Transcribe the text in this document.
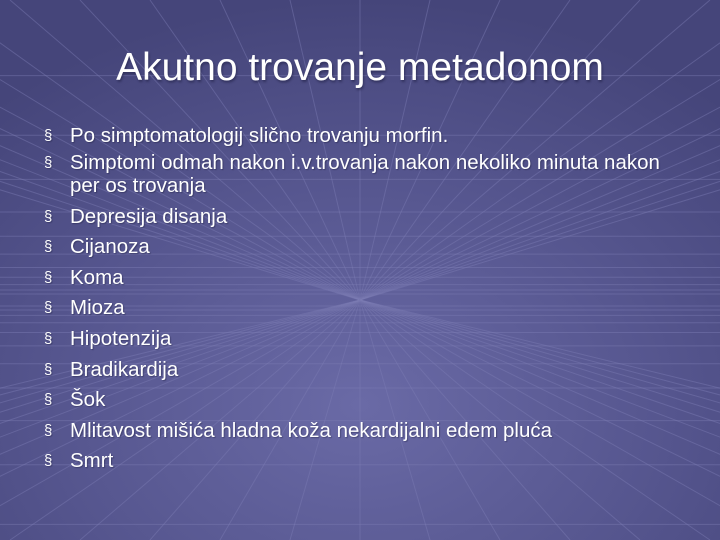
Akutno trovanje metadonom
§ Po simptomatologij slično trovanju morfin.
§ Simptomi odmah nakon i.v.trovanja nakon nekoliko minuta nakon per os trovanja
§ Depresija disanja
§ Cijanoza
§ Koma
§ Mioza
§ Hipotenzija
§ Bradikardija
§ Šok
§ Mlitavost mišića hladna koža nekardijalni edem pluća
§ Smrt
